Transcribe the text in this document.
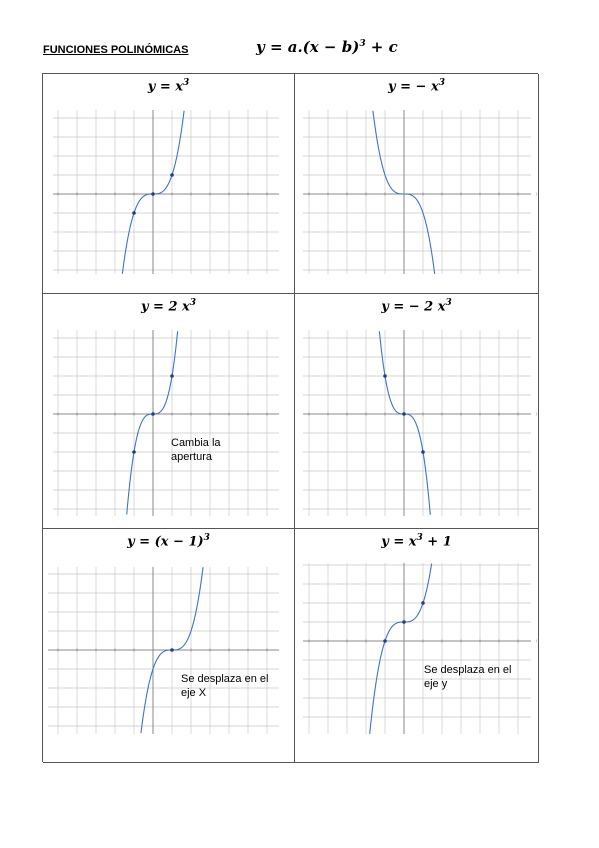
FUNCIONES POLINÓMICAS	$y = a.(x - b)^3 + c$
$y = x^3$	y = − $x^3$
y = 2 $x^3$
Cambia la
apertura
y = − 2 $x^3$
$y = (x - 1)^3$
Se desplaza en el
eje X
$y = x^3 + 1$
Se desplaza en el
eje y
